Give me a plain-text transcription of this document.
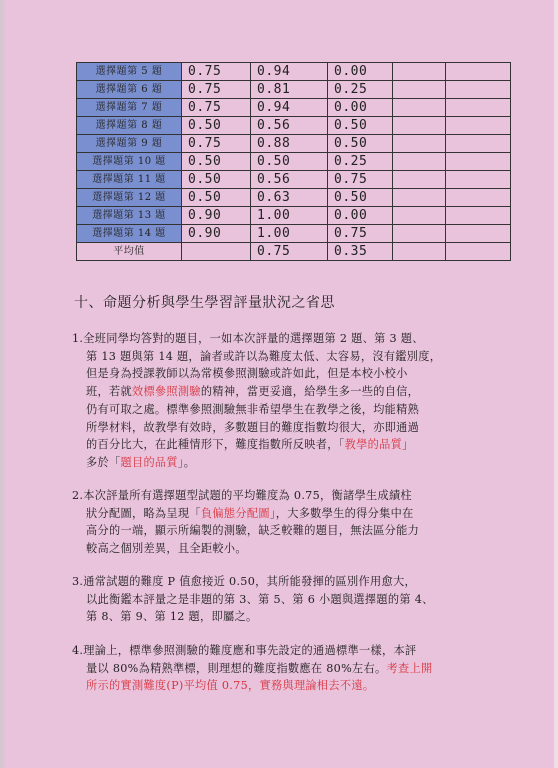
選擇題第 5 題	0.75	0.94	0.00		
選擇題第 6 題	0.75	0.81	0.25		
選擇題第 7 題	0.75	0.94	0.00		
選擇題第 8 題	0.50	0.56	0.50		
選擇題第 9 題	0.75	0.88	0.50		
選擇題第 10 題	0.50	0.50	0.25		
選擇題第 11 題	0.50	0.56	0.75		
選擇題第 12 題	0.50	0.63	0.50		
選擇題第 13 題	0.90	1.00	0.00		
選擇題第 14 題	0.90	1.00	0.75		
平均值		0.75	0.35		
十、命題分析與學生學習評量狀況之省思
1.全班同學均答對的題目，一如本次評量的選擇題第 2 題、第 3 題、
第 13 題與第 14 題，論者或許以為難度太低、太容易，沒有鑑別度，
但是身為授課教師以為常模參照測驗或許如此，但是本校小校小
班，若就效標參照測驗的精神，當更妥適，給學生多一些的自信，
仍有可取之處。標準參照測驗無非希望學生在教學之後，均能精熟
所學材料，故教學有效時，多數題目的難度指數均很大，亦即通過
的百分比大，在此種情形下，難度指數所反映者，「教學的品質」
多於「題目的品質」。
2.本次評量所有選擇題型試題的平均難度為 0.75，衡諸學生成績柱
狀分配圖，略為呈現「負偏態分配圖」，大多數學生的得分集中在
高分的一端，顯示所編製的測驗，缺乏較難的題目，無法區分能力
較高之個別差異，且全距較小。
3.通常試題的難度 P 值愈接近 0.50，其所能發揮的區別作用愈大，
以此衡鑑本評量之是非題的第 3、第 5、第 6 小題與選擇題的第 4、
第 8、第 9、第 12 題，即屬之。
4.理論上，標準參照測驗的難度應和事先設定的通過標準一樣，本評
量以 80%為精熟準標，則理想的難度指數應在 80%左右。考查上開
所示的實測難度(P)平均值 0.75，實務與理論相去不遠。
